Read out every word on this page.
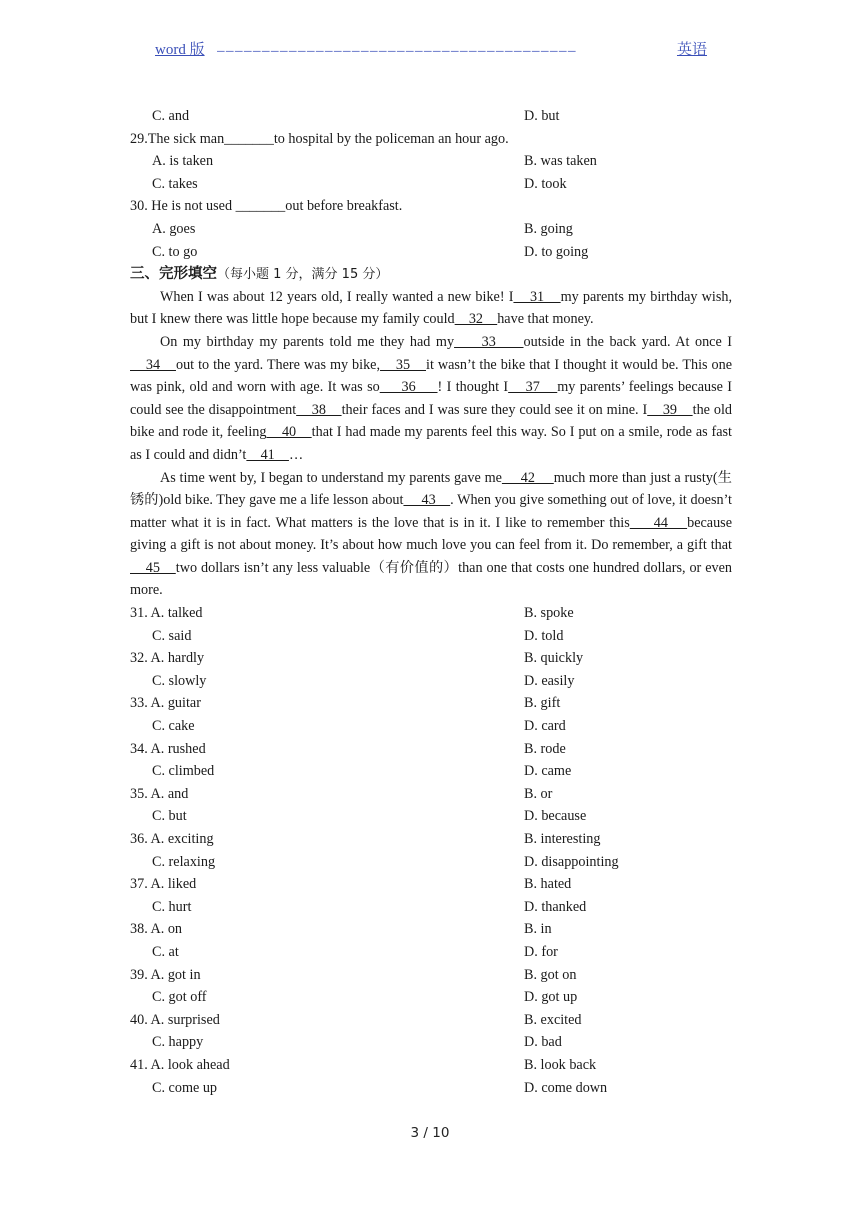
word 版 ________________________________________	英语
C. and	D. but
29.The sick man_______to hospital by the policeman an hour ago.
A. is taken	B. was taken
C. takes	D. took
30. He is not used _______out before breakfast.
A. goes	B. going
C. to go	D. to going
三、完形填空（每小题 1 分，满分 15 分）
When I was about 12 years old, I really wanted a new bike! I    31    my parents my birthday wish, but I knew there was little hope because my family could    32    have that money.
On my birthday my parents told me they had my     33     outside in the back yard. At once I    34    out to the yard. There was my bike,    35    it wasn’t the bike that I thought it would be. This one was pink, old and worn with age. It was so     36     ! I thought I    37    my parents’ feelings because I could see the disappointment    38    their faces and I was sure they could see it on mine. I    39    the old bike and rode it, feeling    40    that I had made my parents feel this way. So I put on a smile, rode as fast as I could and didn’t    41    …
As time went by, I began to understand my parents gave me     42     much more than just a rusty(生锈的)old bike. They gave me a life lesson about     43    . When you give something out of love, it doesn’t matter what it is in fact. What matters is the love that is in it. I like to remember this     44    because giving a gift is not about money. It’s about how much love you can feel from it. Do remember, a gift that    45    two dollars isn’t any less valuable（有价值的）than one that costs one hundred dollars, or even more.
31. A. talked	B. spoke
C. said	D. told
32. A. hardly	B. quickly
C. slowly	D. easily
33. A. guitar	B. gift
C. cake	D. card
34. A. rushed	B. rode
C. climbed	D. came
35. A. and	B. or
C. but	D. because
36. A. exciting	B. interesting
C. relaxing	D. disappointing
37. A. liked	B. hated
C. hurt	D. thanked
38. A. on	B. in
C. at	D. for
39. A. got in	B. got on
C. got off	D. got up
40. A. surprised	B. excited
C. happy	D. bad
41. A. look ahead	B. look back
C. come up	D. come down
3 / 10
